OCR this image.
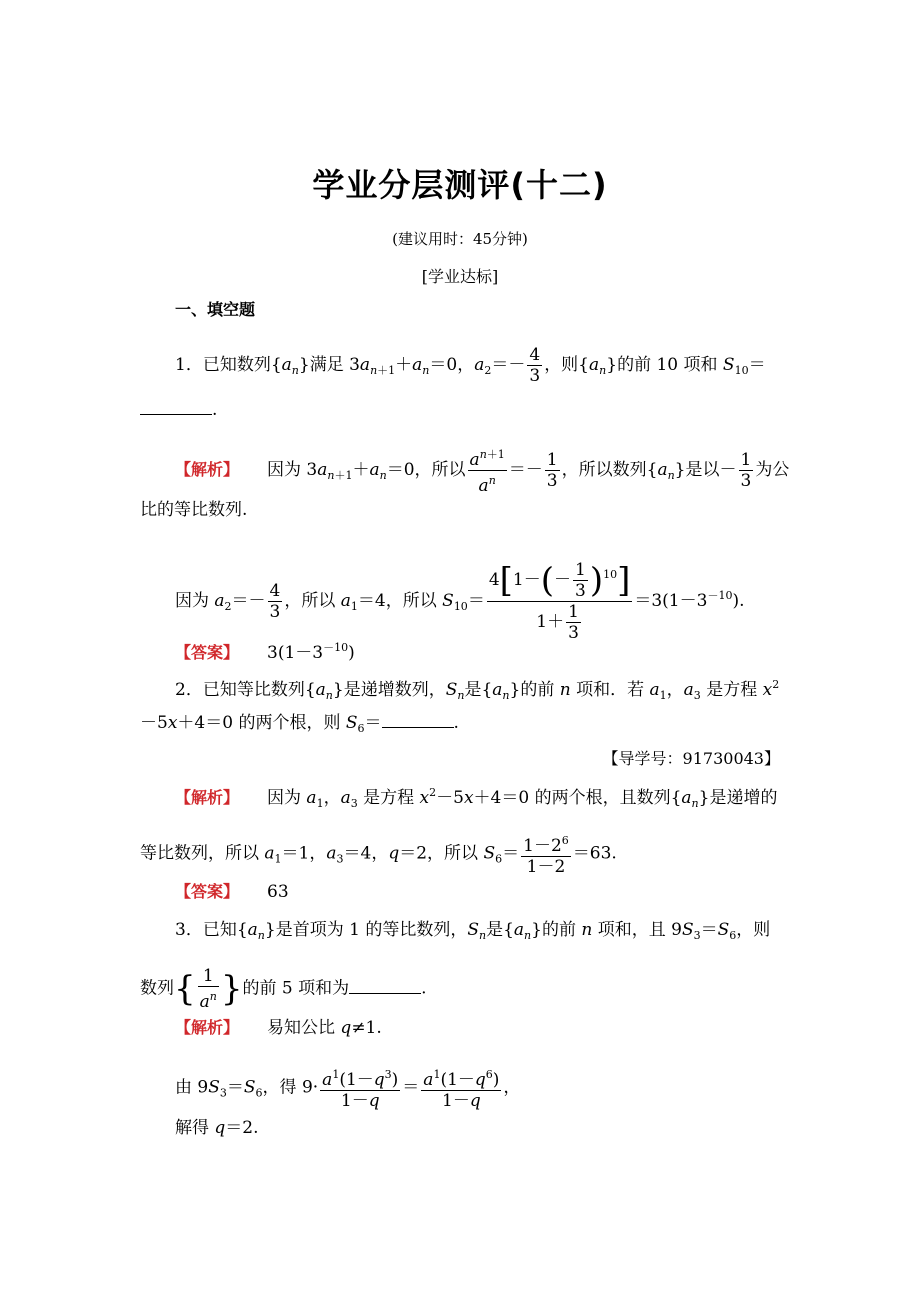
学业分层测评(十二)
(建议用时：45分钟)
[学业达标]
一、填空题
1．已知数列$\{a_n\}$满足 $3a_{n+1}+a_n=0$，$a_2=- \frac{4}{3}$ ，则$\{a_n\}$的前 10 项和 $S_{10}=$
.
【解析】 因为 $3a_{n+1}+a_n=0$，所以 $\frac{a^{n+1}}{a^n} =- \frac{1}{3}$ ，所以数列$\{a_n\}$是以－ $\frac{1}{3}$ 为公
比的等比数列.
因为 $a_2=- \frac{4}{3}$ ，所以 $a_1=4$，所以 $S_{10}= \frac{4[1-(- \frac{1}{3} )^{10}]}{1+ \frac{1}{3}} =3(1-3^{-10})$.
【答案】 $3(1-3^{-10})$
2．已知等比数列$\{a_n\}$是递增数列，$S_n$是$\{a_n\}$的前 n 项和．若 $a_1$，$a_3$ 是方程 $x^2$
－5x＋4＝0 的两个根，则 $S_6=$	.
【导学号：91730043】
【解析】 因为 $a_1$，$a_3$ 是方程 $x^2-5x+4=0$ 的两个根，且数列$\{a_n\}$是递增的
等比数列，所以 $a_1=1$，$a_3=4$，q＝2，所以 $S_6= \frac{1-2^6}{1-2} =63$.
【答案】 63
3．已知$\{a_n\}$是首项为 1 的等比数列，$S_n$是$\{a_n\}$的前 n 项和，且 $9S_3=S_6$，则
数列{ $\frac{1}{a^n}$ }的前 5 项和为	.
【解析】 易知公比 q≠1.
由 $9S_3=S_6$，得 $9\cdot \frac{a^1(1-q^3)}{1-q} = \frac{a^1(1-q^6)}{1-q}$ ，
解得 q＝2.
